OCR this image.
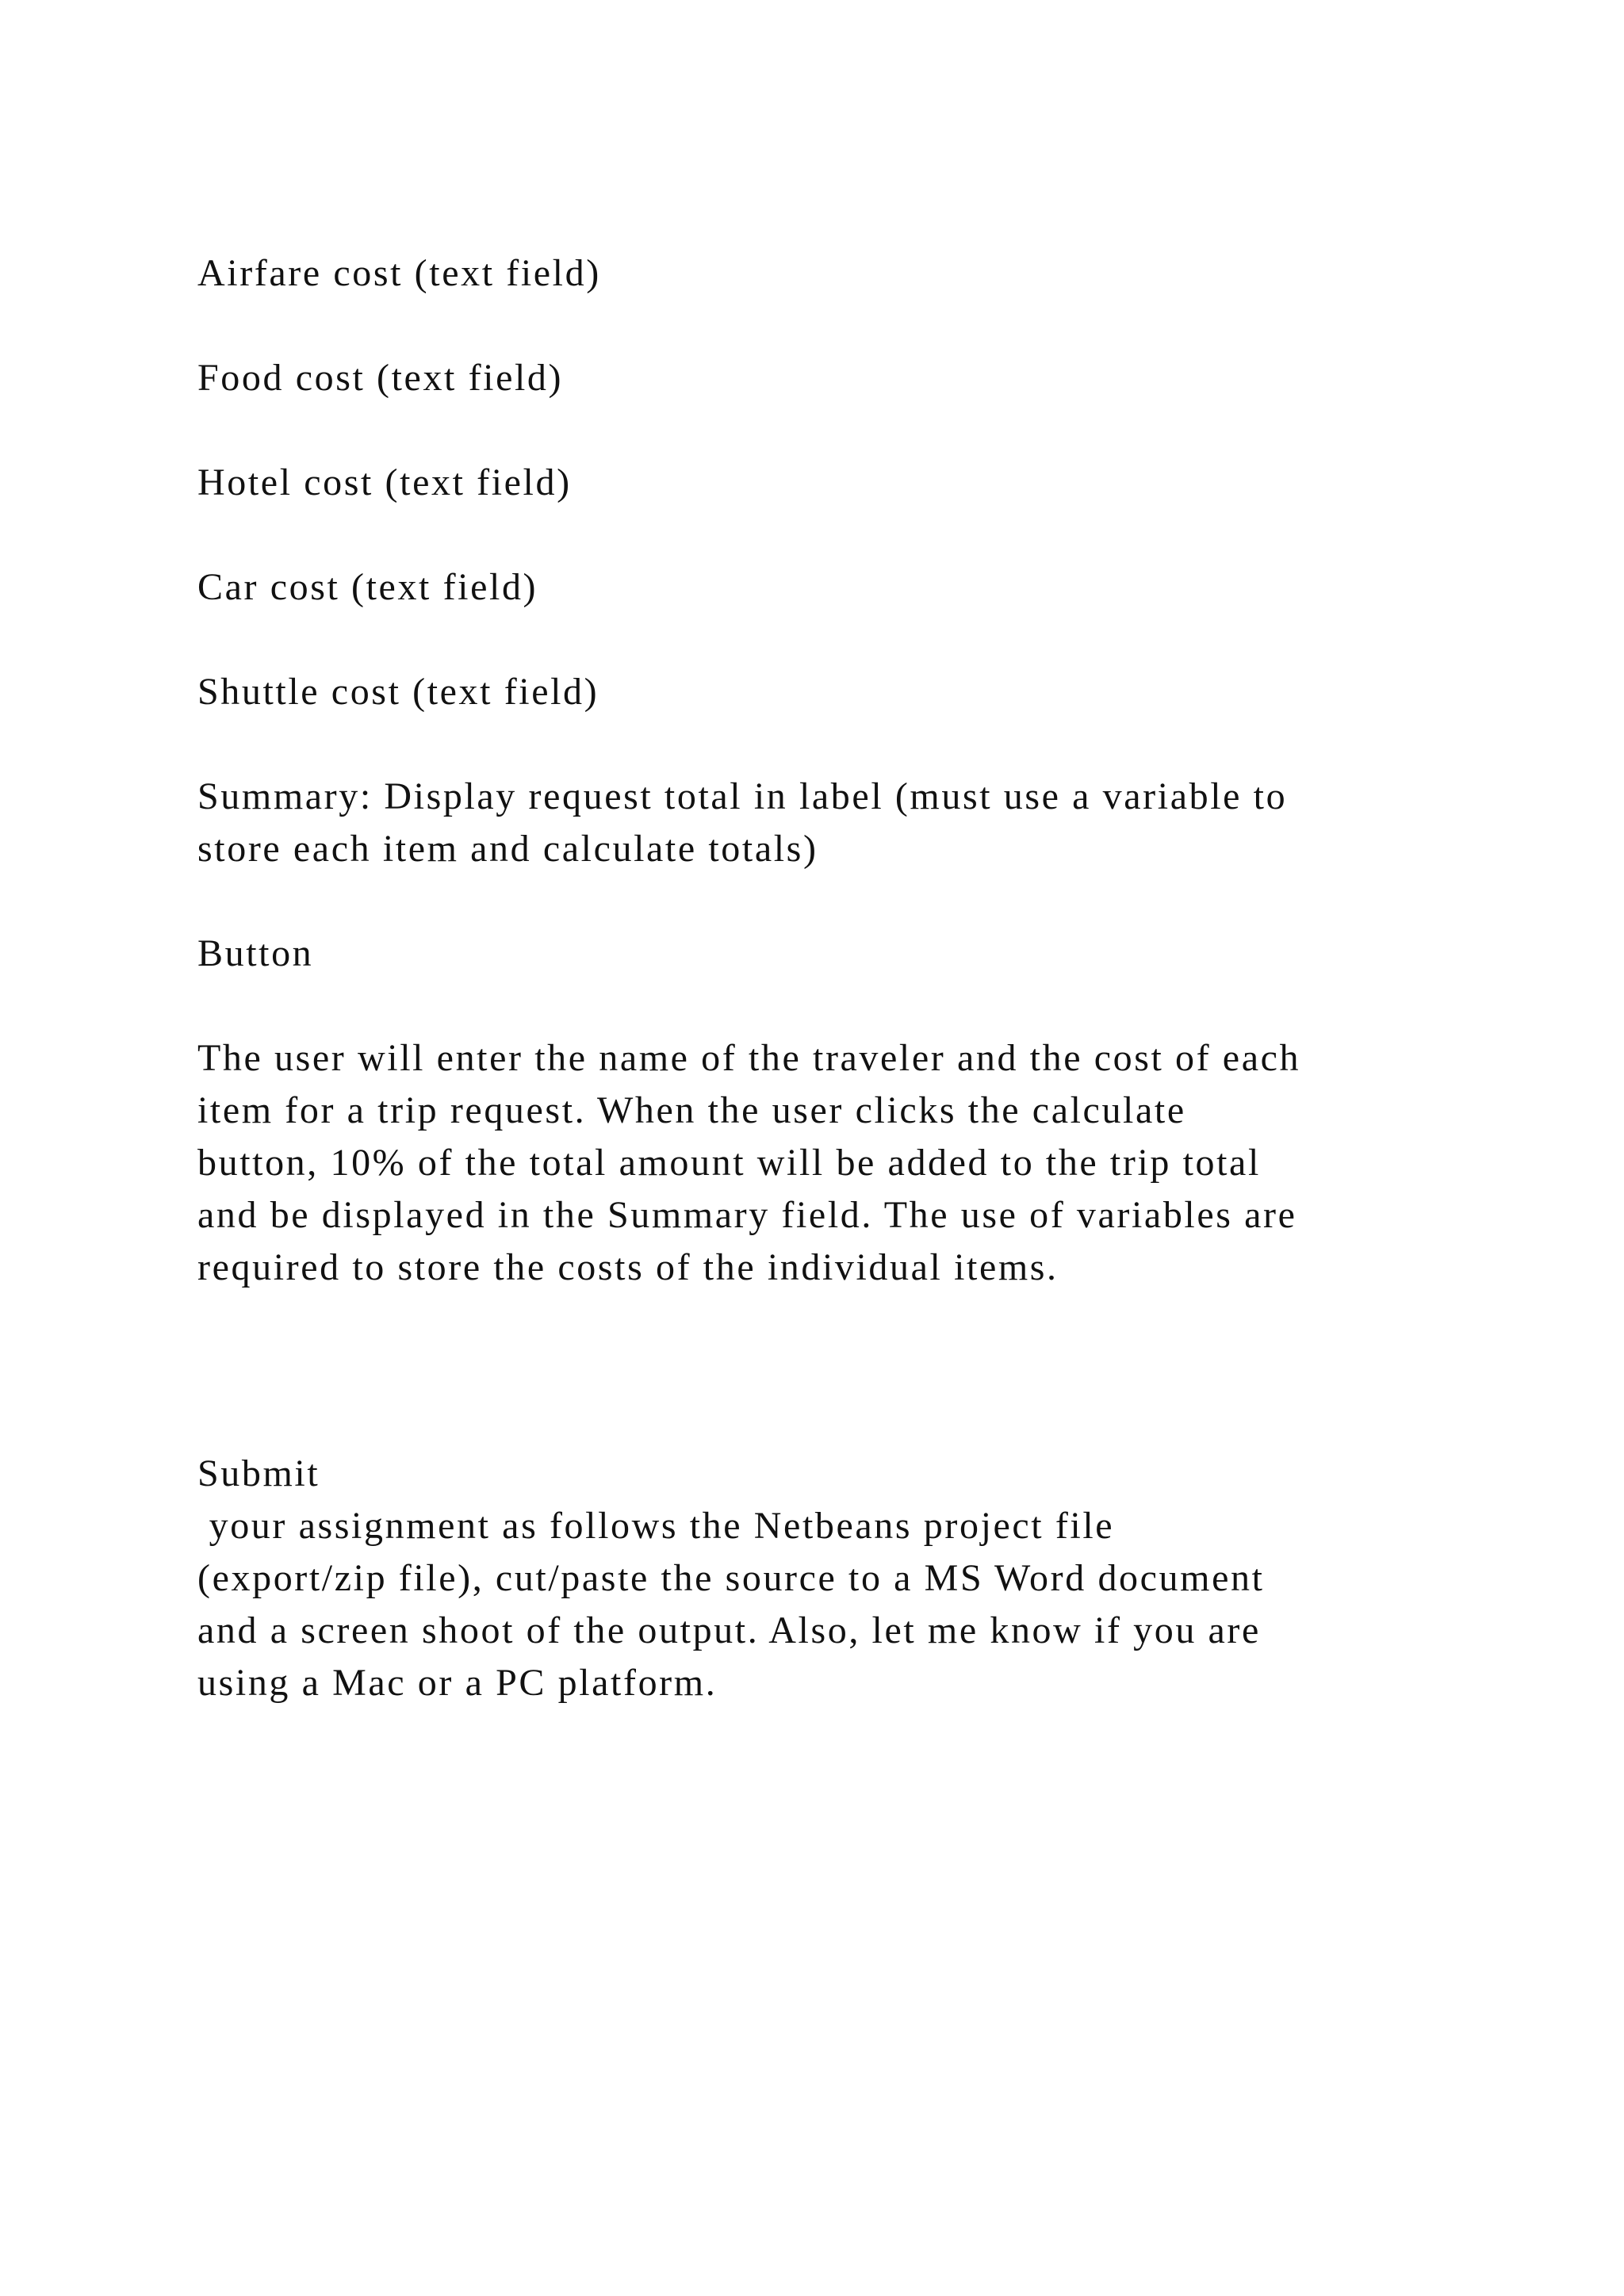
Airfare cost (text field)

Food cost (text field)

Hotel cost (text field)

Car cost (text field)

Shuttle cost (text field)

Summary: Display request total in label (must use a variable to

store each item and calculate totals)

Button

The user will enter the name of the traveler and the cost of each

item for a trip request. When the user clicks the calculate

button, 10% of the total amount will be added to the trip total

and be displayed in the Summary field. The use of variables are

required to store the costs of the individual items.

Submit

your assignment as follows the Netbeans project file

(export/zip file), cut/paste the source to a MS Word document

and a screen shoot of the output. Also, let me know if you are

using a Mac or a PC platform.
